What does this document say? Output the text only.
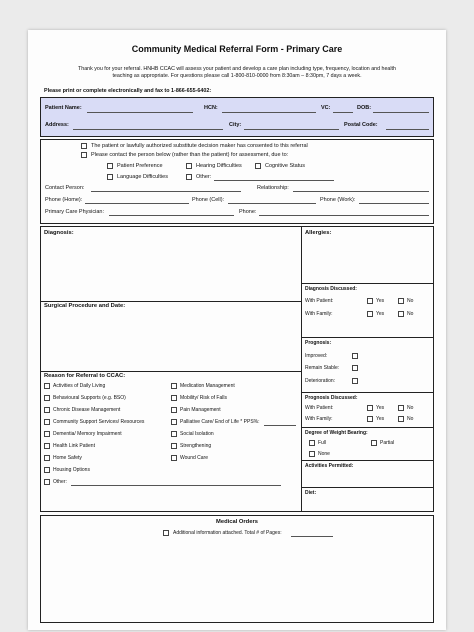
Community Medical Referral Form - Primary Care
Thank you for your referral. HNHB CCAC will assess your patient and develop a care plan including type, frequency, location and health
teaching as appropriate. For questions please call 1-800-810-0000 from 8:30am – 8:30pm, 7 days a week.
Please print or complete electronically and fax to 1-866-655-6402:
Patient Name:	HCN:	VC:	DOB:
Address:	City:	Postal Code:
The patient or lawfully authorized substitute decision maker has consented to this referral
Please contact the person below (rather than the patient) for assessment, due to:
Patient Preference	Hearing Difficulties	Cognitive Status
Language Difficulties	Other:
Contact Person:	Relationship:
Phone (Home):	Phone (Cell):	Phone (Work):
Primary Care Physician:	Phone:
Diagnosis:
Surgical Procedure and Date:
Reason for Referral to CCAC:
Activities of Daily Living
Behavioural Supports (e.g. BSO)
Chronic Disease Management
Community Support Services/ Resources
Dementia/ Memory Impairment
Health Link Patient
Home Safety
Housing Options
Other:
Medication Management
Mobility/ Risk of Falls
Pain Management
Palliative Care/ End of Life * PPS%:
Social Isolation
Strengthening
Wound Care
Allergies:
Diagnosis Discussed:
With Patient:	Yes	No
With Family:	Yes	No
Prognosis:
Improved:
Remain Stable:
Deterioration:
Prognosis Discussed:
With Patient:	Yes	No
With Family:	Yes	No
Degree of Weight Bearing:
Full	Partial
None
Activities Permitted:
Diet:
Medical Orders
Additional information attached. Total # of Pages:
